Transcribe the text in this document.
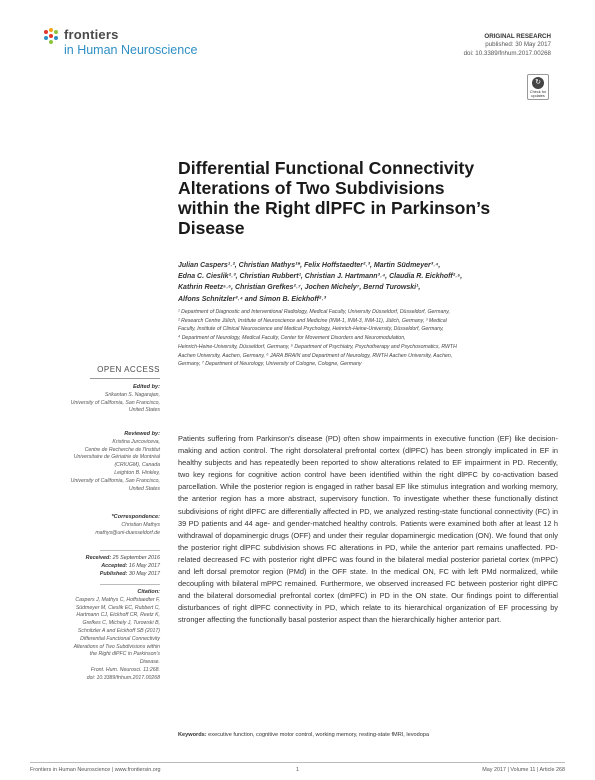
frontiers
in Human Neuroscience
ORIGINAL RESEARCH
published: 30 May 2017
doi: 10.3389/fnhum.2017.00268
↻
Check for
updates
Differential Functional Connectivity
Alterations of Two Subdivisions
within the Right dlPFC in Parkinson’s
Disease
Julian Caspers¹˒², Christian Mathys¹*, Felix Hoffstaedter²˒³, Martin Südmeyer³˒⁴,
Edna C. Cieslik²˒³, Christian Rubbert¹, Christian J. Hartmann³˒⁴, Claudia R. Eickhoff²˒⁵,
Kathrin Reetz⁵˒⁶, Christian Grefkes²˒⁷, Jochen Michely⁷, Bernd Turowski¹,
Alfons Schnitzler³˒⁴ and Simon B. Eickhoff²˒³
¹ Department of Diagnostic and Interventional Radiology, Medical Faculty, University Düsseldorf, Düsseldorf, Germany,
² Research Centre Jülich, Institute of Neuroscience and Medicine (INM-1, INM-3, INM-11), Jülich, Germany, ³ Medical
Faculty, Institute of Clinical Neuroscience and Medical Psychology, Heinrich-Heine-University, Düsseldorf, Germany,
⁴ Department of Neurology, Medical Faculty, Center for Movement Disorders and Neuromodulation,
Heinrich-Heine-University, Düsseldorf, Germany, ⁵ Department of Psychiatry, Psychotherapy and Psychosomatics, RWTH
Aachen University, Aachen, Germany, ⁶ JARA BRAIN and Department of Neurology, RWTH Aachen University, Aachen,
Germany, ⁷ Department of Neurology, University of Cologne, Cologne, Germany
OPEN ACCESS
Edited by:
Srikantan S. Nagarajan,
University of California, San Francisco,
United States
Reviewed by:
Kristina Jurcoviceva,
Centre de Recherche de l'Institut
Universitaire de Gériatrie de Montréal
(CRIUGM), Canada
Leighton B. Hinkley,
University of California, San Francisco,
United States
*Correspondence:
Christian Mathys
mathys@uni-duesseldorf.de
Received: 25 September 2016
Accepted: 16 May 2017
Published: 30 May 2017
Citation:
Caspers J, Mathys C, Hoffstaedter F,
Südmeyer M, Cieslik EC, Rubbert C,
Hartmann CJ, Eickhoff CR, Reetz K,
Grefkes C, Michely J, Turowski B,
Schnitzler A and Eickhoff SB (2017)
Differential Functional Connectivity
Alterations of Two Subdivisions within
the Right dlPFC in Parkinson's
Disease.
Front. Hum. Neurosci. 11:268.
doi: 10.3389/fnhum.2017.00268

Patients suffering from Parkinson's disease (PD) often show impairments in executive function (EF) like decision-making and action control. The right dorsolateral prefrontal cortex (dlPFC) has been strongly implicated in EF in healthy subjects and has repeatedly been reported to show alterations related to EF impairment in PD. Recently, two key regions for cognitive action control have been identified within the right dlPFC by co-activation based parcellation. While the posterior region is engaged in rather basal EF like stimulus integration and working memory, the anterior region has a more abstract, supervisory function. To investigate whether these functionally distinct subdivisions of right dlPFC are differentially affected in PD, we analyzed resting-state functional connectivity (FC) in 39 PD patients and 44 age- and gender-matched healthy controls. Patients were examined both after at least 12 h withdrawal of dopaminergic drugs (OFF) and under their regular dopaminergic medication (ON). We found that only the posterior right dlPFC subdivision shows FC alterations in PD, while the anterior part remains unaffected. PD-related decreased FC with posterior right dlPFC was found in the bilateral medial posterior parietal cortex (mPPC) and left dorsal premotor region (PMd) in the OFF state. In the medical ON, FC with left PMd normalized, while decoupling with bilateral mPPC remained. Furthermore, we observed increased FC between posterior right dlPFC and the bilateral dorsomedial prefrontal cortex (dmPFC) in PD in the ON state. Our findings point to differential disturbances of right dlPFC connectivity in PD, which relate to its hierarchical organization of EF processing by stronger affecting the functionally basal posterior aspect than the hierarchically higher anterior part.

Keywords: executive function, cognitive motor control, working memory, resting-state fMRI, levodopa
Frontiers in Human Neuroscience | www.frontiersin.org	1	May 2017 | Volume 11 | Article 268
